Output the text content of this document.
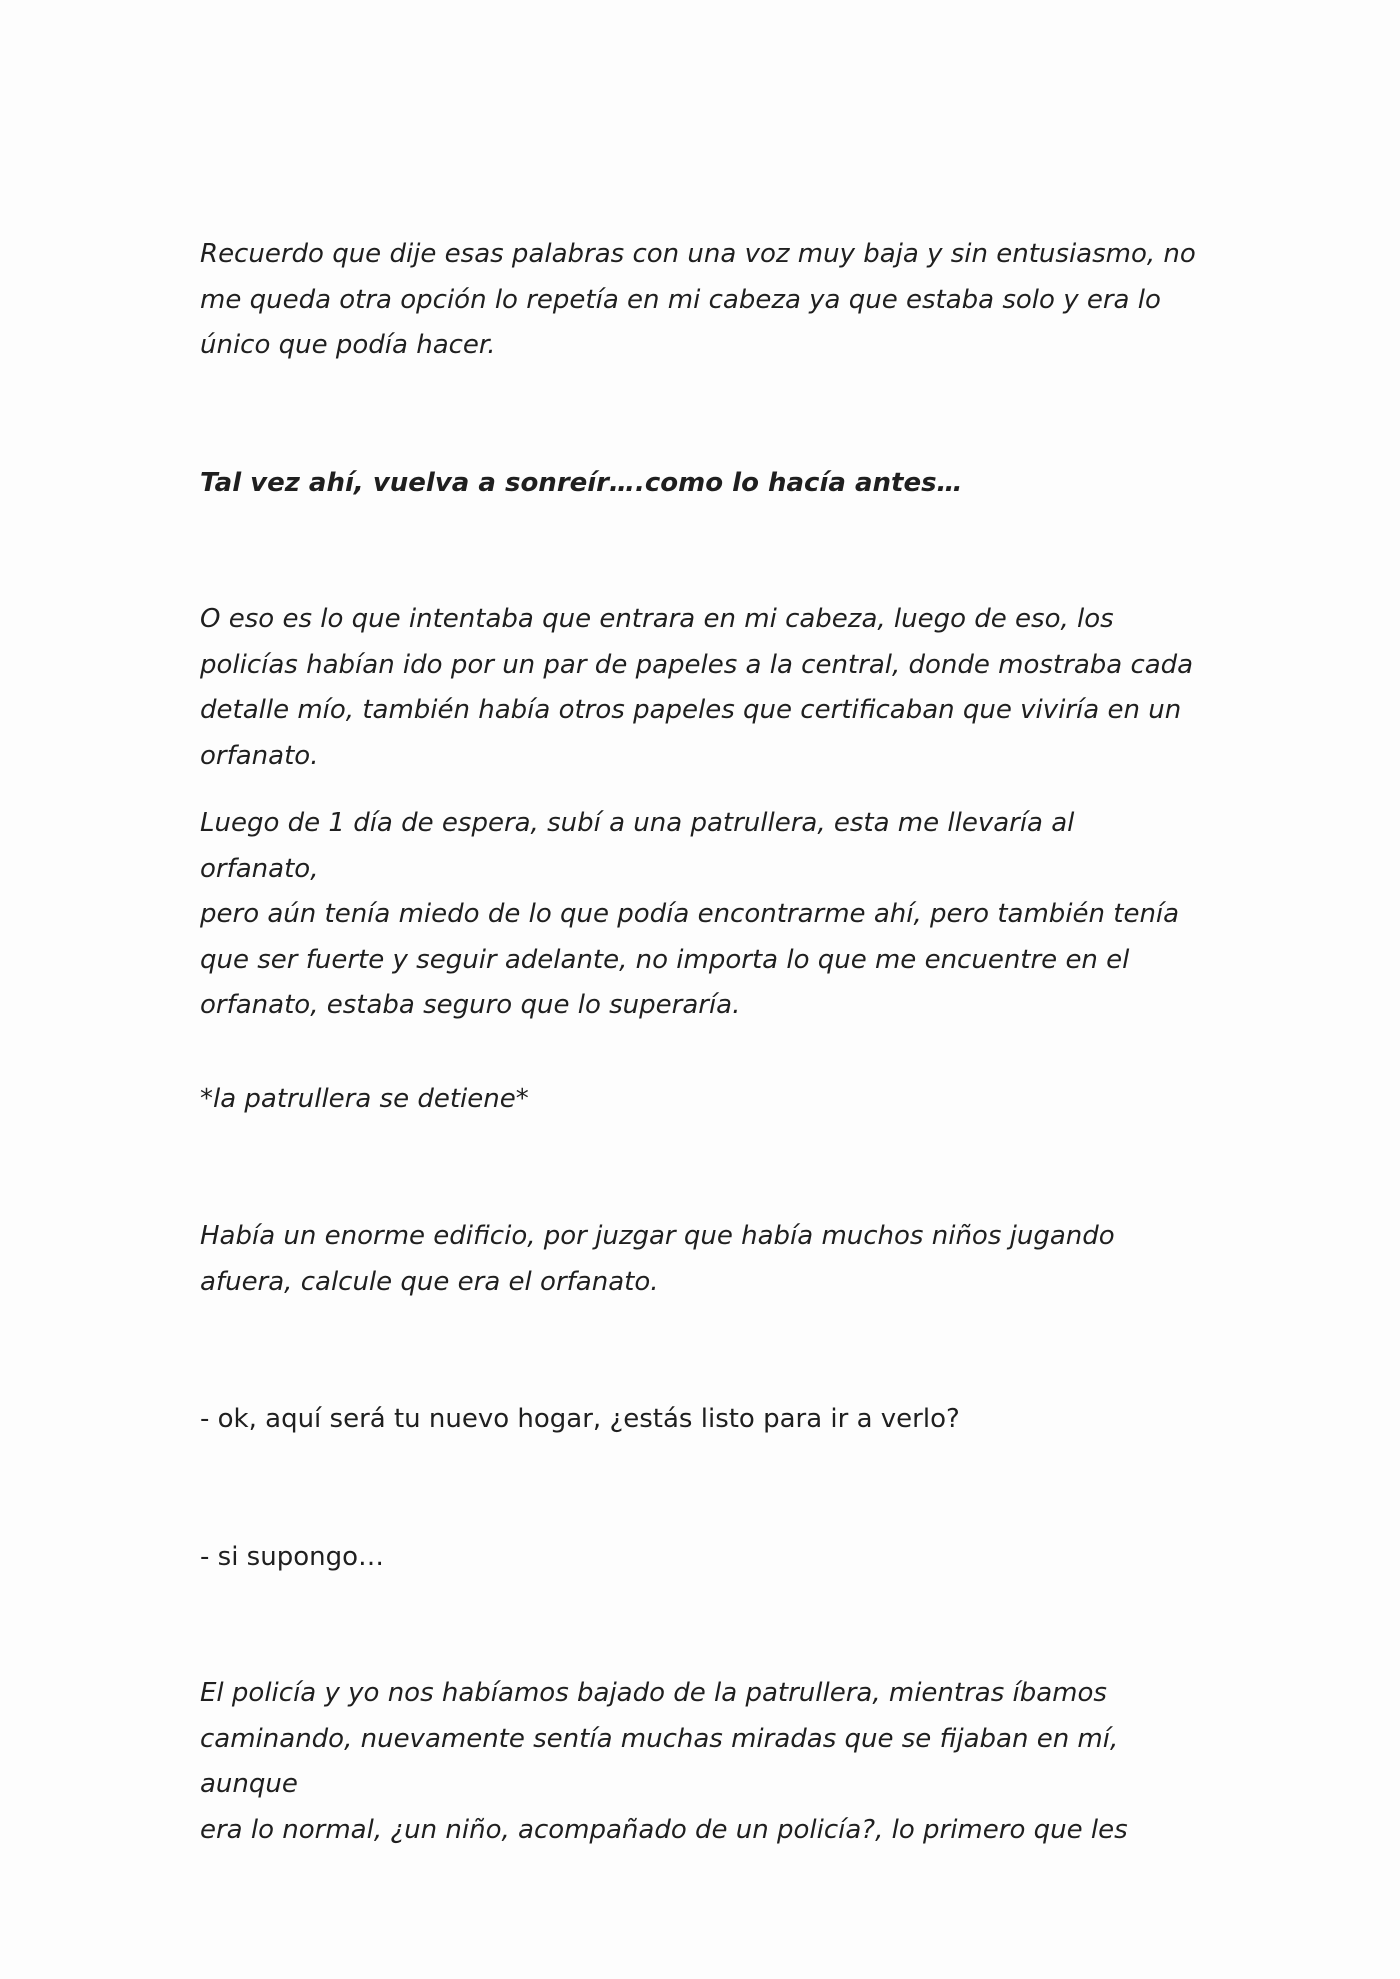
Recuerdo que dije esas palabras con una voz muy baja y sin entusiasmo, no
me queda otra opción lo repetía en mi cabeza ya que estaba solo y era lo
único que podía hacer.

Tal vez ahí, vuelva a sonreír….como lo hacía antes…

O eso es lo que intentaba que entrara en mi cabeza, luego de eso, los
policías habían ido por un par de papeles a la central, donde mostraba cada
detalle mío, también había otros papeles que certificaban que viviría en un
orfanato.

Luego de 1 día de espera, subí a una patrullera, esta me llevaría al orfanato,
pero aún tenía miedo de lo que podía encontrarme ahí, pero también tenía
que ser fuerte y seguir adelante, no importa lo que me encuentre en el
orfanato, estaba seguro que lo superaría.

*la patrullera se detiene*

Había un enorme edificio, por juzgar que había muchos niños jugando
afuera, calcule que era el orfanato.

- ok, aquí será tu nuevo hogar, ¿estás listo para ir a verlo?

- si supongo…

El policía y yo nos habíamos bajado de la patrullera, mientras íbamos
caminando, nuevamente sentía muchas miradas que se fijaban en mí, aunque
era lo normal, ¿un niño, acompañado de un policía?, lo primero que les
